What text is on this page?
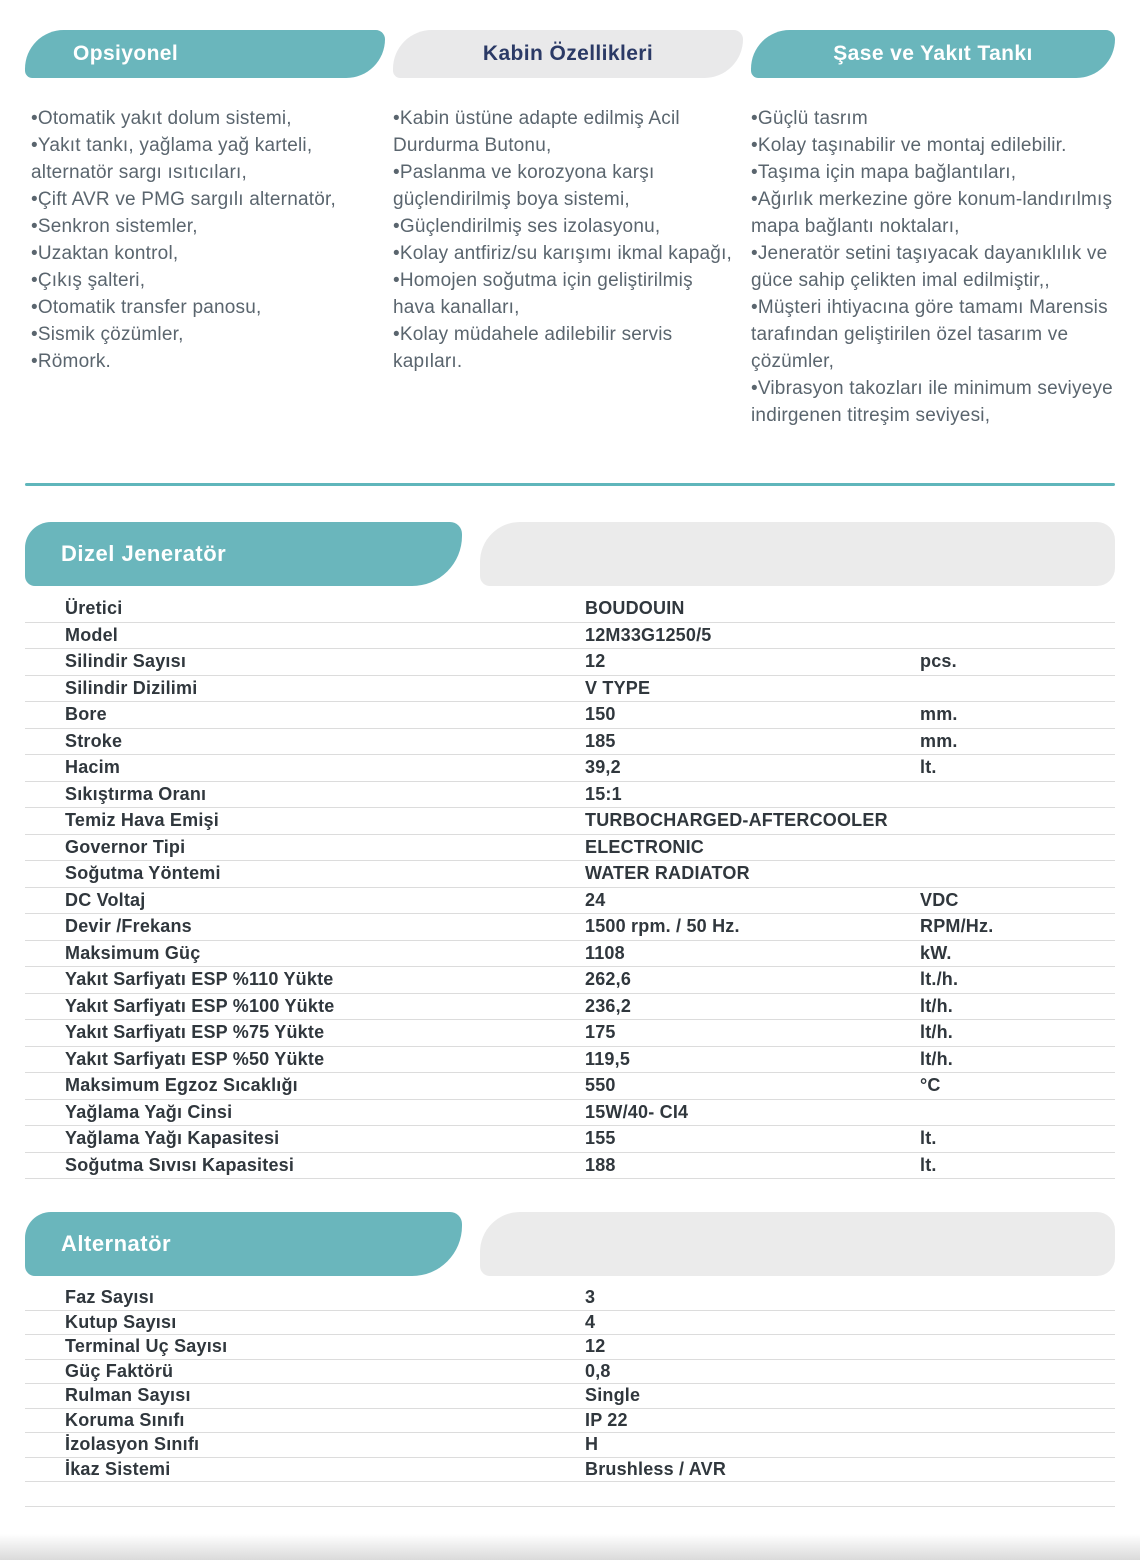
Opsiyonel	Kabin Özellikleri	Şase ve Yakıt Tankı
•Otomatik yakıt dolum sistemi,
•Yakıt tankı, yağlama yağ karteli, alternatör sargı ısıtıcıları,
•Çift AVR ve PMG sargılı alternatör,
•Senkron sistemler,
•Uzaktan kontrol,
•Çıkış şalteri,
•Otomatik transfer panosu,
•Sismik çözümler,
•Römork.
•Kabin üstüne adapte edilmiş Acil Durdurma Butonu,
•Paslanma ve korozyona karşı güçlendirilmiş boya sistemi,
•Güçlendirilmiş ses izolasyonu,
•Kolay antfiriz/su karışımı ikmal kapağı,
•Homojen soğutma için geliştirilmiş hava kanalları,
•Kolay müdahele adilebilir servis kapıları.
•Güçlü tasrım
•Kolay taşınabilir ve montaj edilebilir.
•Taşıma için mapa bağlantıları,
•Ağırlık merkezine göre konum-landırılmış mapa bağlantı noktaları,
•Jeneratör setini taşıyacak dayanıklılık ve güce sahip çelikten imal edilmiştir,,
•Müşteri ihtiyacına göre tamamı Marensis tarafından geliştirilen özel tasarım ve çözümler,
•Vibrasyon takozları ile minimum seviyeye indirgenen titreşim seviyesi,
Dizel Jeneratör
Üretici	BOUDOUIN
Model	12M33G1250/5
Silindir Sayısı	12	pcs.
Silindir Dizilimi	V TYPE
Bore	150	mm.
Stroke	185	mm.
Hacim	39,2	lt.
Sıkıştırma Oranı	15:1
Temiz Hava Emişi	TURBOCHARGED-AFTERCOOLER
Governor Tipi	ELECTRONIC
Soğutma Yöntemi	WATER RADIATOR
DC Voltaj	24	VDC
Devir /Frekans	1500 rpm. / 50 Hz.	RPM/Hz.
Maksimum Güç	1108	kW.
Yakıt Sarfiyatı ESP %110 Yükte	262,6	lt./h.
Yakıt Sarfiyatı ESP %100 Yükte	236,2	lt/h.
Yakıt Sarfiyatı ESP %75 Yükte	175	lt/h.
Yakıt Sarfiyatı ESP %50 Yükte	119,5	lt/h.
Maksimum Egzoz Sıcaklığı	550	°C
Yağlama Yağı Cinsi	15W/40- CI4
Yağlama Yağı Kapasitesi	155	lt.
Soğutma Sıvısı Kapasitesi	188	lt.
Alternatör
Faz Sayısı	3
Kutup Sayısı	4
Terminal Uç Sayısı	12
Güç Faktörü	0,8
Rulman Sayısı	Single
Koruma Sınıfı	IP 22
İzolasyon Sınıfı	H
İkaz Sistemi	Brushless / AVR
